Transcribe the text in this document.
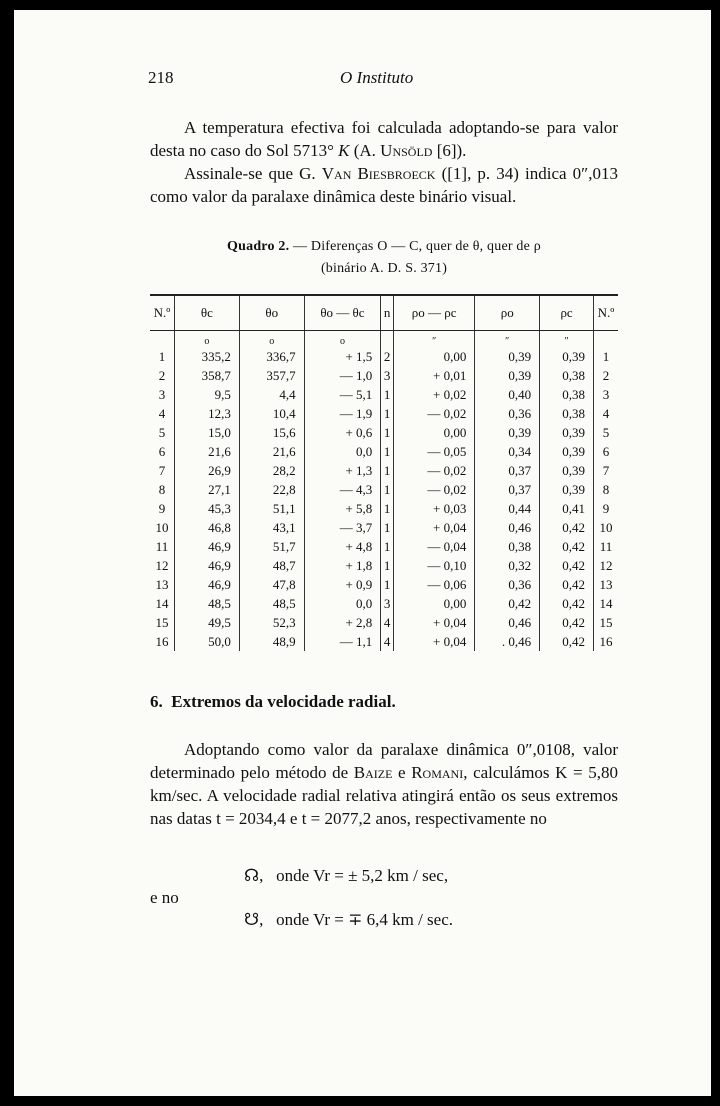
218	O Instituto
A temperatura efectiva foi calculada adoptando-se para valor desta no caso do Sol 5713° K (A. Unsöld [6]).
Assinale-se que G. Van Biesbroeck ([1], p. 34) indica 0″,013 como valor da paralaxe dinâmica deste binário visual.
Quadro 2. — Diferenças O — C, quer de θ, quer de ρ
(binário A. D. S. 371)

N.º	θc	θo	θo — θc	n	ρo — ρc	ρo	ρc	N.º
	o	o	o		″	″	″	
1	335,2	336,7	+ 1,5	2	0,00	0,39	0,39	1
2	358,7	357,7	— 1,0	3	+ 0,01	0,39	0,38	2
3	9,5	4,4	— 5,1	1	+ 0,02	0,40	0,38	3
4	12,3	10,4	— 1,9	1	— 0,02	0,36	0,38	4
5	15,0	15,6	+ 0,6	1	0,00	0,39	0,39	5
6	21,6	21,6	0,0	1	— 0,05	0,34	0,39	6
7	26,9	28,2	+ 1,3	1	— 0,02	0,37	0,39	7
8	27,1	22,8	— 4,3	1	— 0,02	0,37	0,39	8
9	45,3	51,1	+ 5,8	1	+ 0,03	0,44	0,41	9
10	46,8	43,1	— 3,7	1	+ 0,04	0,46	0,42	10
11	46,9	51,7	+ 4,8	1	— 0,04	0,38	0,42	11
12	46,9	48,7	+ 1,8	1	— 0,10	0,32	0,42	12
13	46,9	47,8	+ 0,9	1	— 0,06	0,36	0,42	13
14	48,5	48,5	0,0	3	0,00	0,42	0,42	14
15	49,5	52,3	+ 2,8	4	+ 0,04	0,46	0,42	15
16	50,0	48,9	— 1,1	4	+ 0,04	. 0,46	0,42	16
6. Extremos da velocidade radial.
Adoptando como valor da paralaxe dinâmica 0″,0108, valor determinado pelo método de Baize e Romani, calculámos K = 5,80 km/sec. A velocidade radial relativa atingirá então os seus extremos nas datas t = 2034,4 e t = 2077,2 anos, respectivamente no
☊, onde Vr = ± 5,2 km / sec,
e no
☋, onde Vr = ∓ 6,4 km / sec.
